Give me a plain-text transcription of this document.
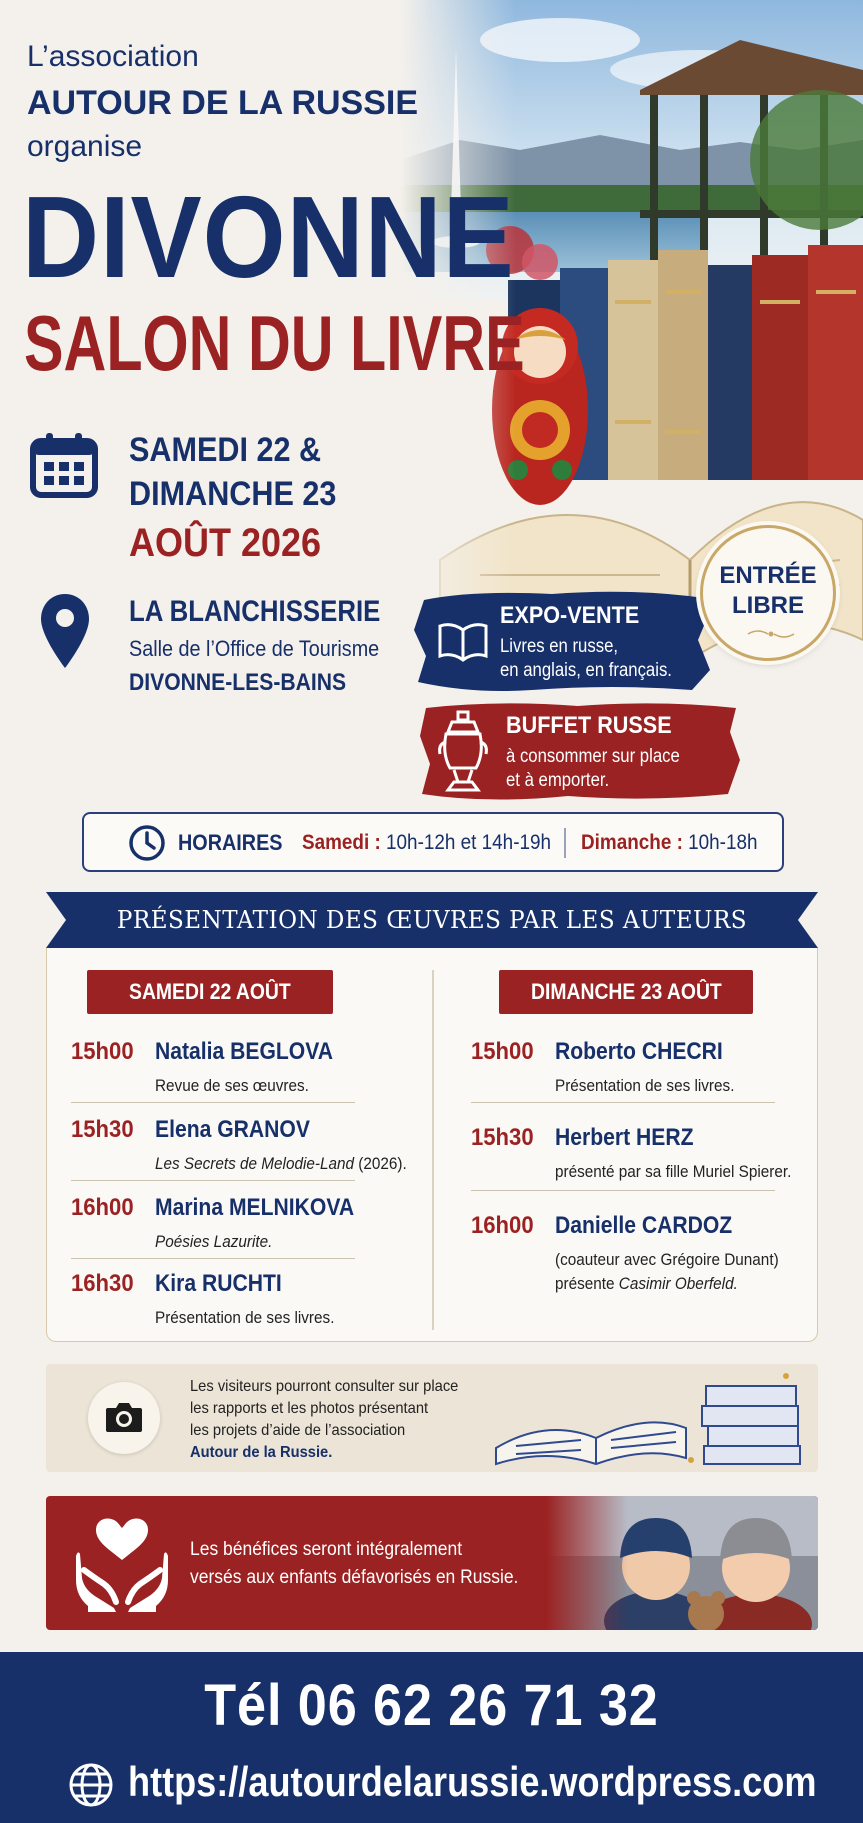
L’association
AUTOUR DE LA RUSSIE
organise
DIVONNE
SALON DU LIVRE
SAMEDI 22 &
DIMANCHE 23
AOÛT 2026
LA BLANCHISSERIE
Salle de l’Office de Tourisme
DIVONNE-LES-BAINS
EXPO-VENTE
Livres en russe,
en anglais, en français.
BUFFET RUSSE
à consommer sur place
et à emporter.
ENTRÉE
LIBRE
HORAIRES Samedi : 10h-12h et 14h-19h Dimanche : 10h-18h
PRÉSENTATION DES ŒUVRES PAR LES AUTEURS
SAMEDI 22 AOÛT	DIMANCHE 23 AOÛT
15h00 Natalia BEGLOVA
Revue de ses œuvres.
15h30 Elena GRANOV
Les Secrets de Melodie-Land (2026).
16h00 Marina MELNIKOVA
Poésies Lazurite.
16h30 Kira RUCHTI
Présentation de ses livres.
15h00 Roberto CHECRI
Présentation de ses livres.
15h30 Herbert HERZ
présenté par sa fille Muriel Spierer.
16h00 Danielle CARDOZ
(coauteur avec Grégoire Dunant)
présente Casimir Oberfeld.
Les visiteurs pourront consulter sur place
les rapports et les photos présentant
les projets d’aide de l’association
Autour de la Russie.
Les bénéfices seront intégralement
versés aux enfants défavorisés en Russie.
Tél 06 62 26 71 32
https://autourdelarussie.wordpress.com
